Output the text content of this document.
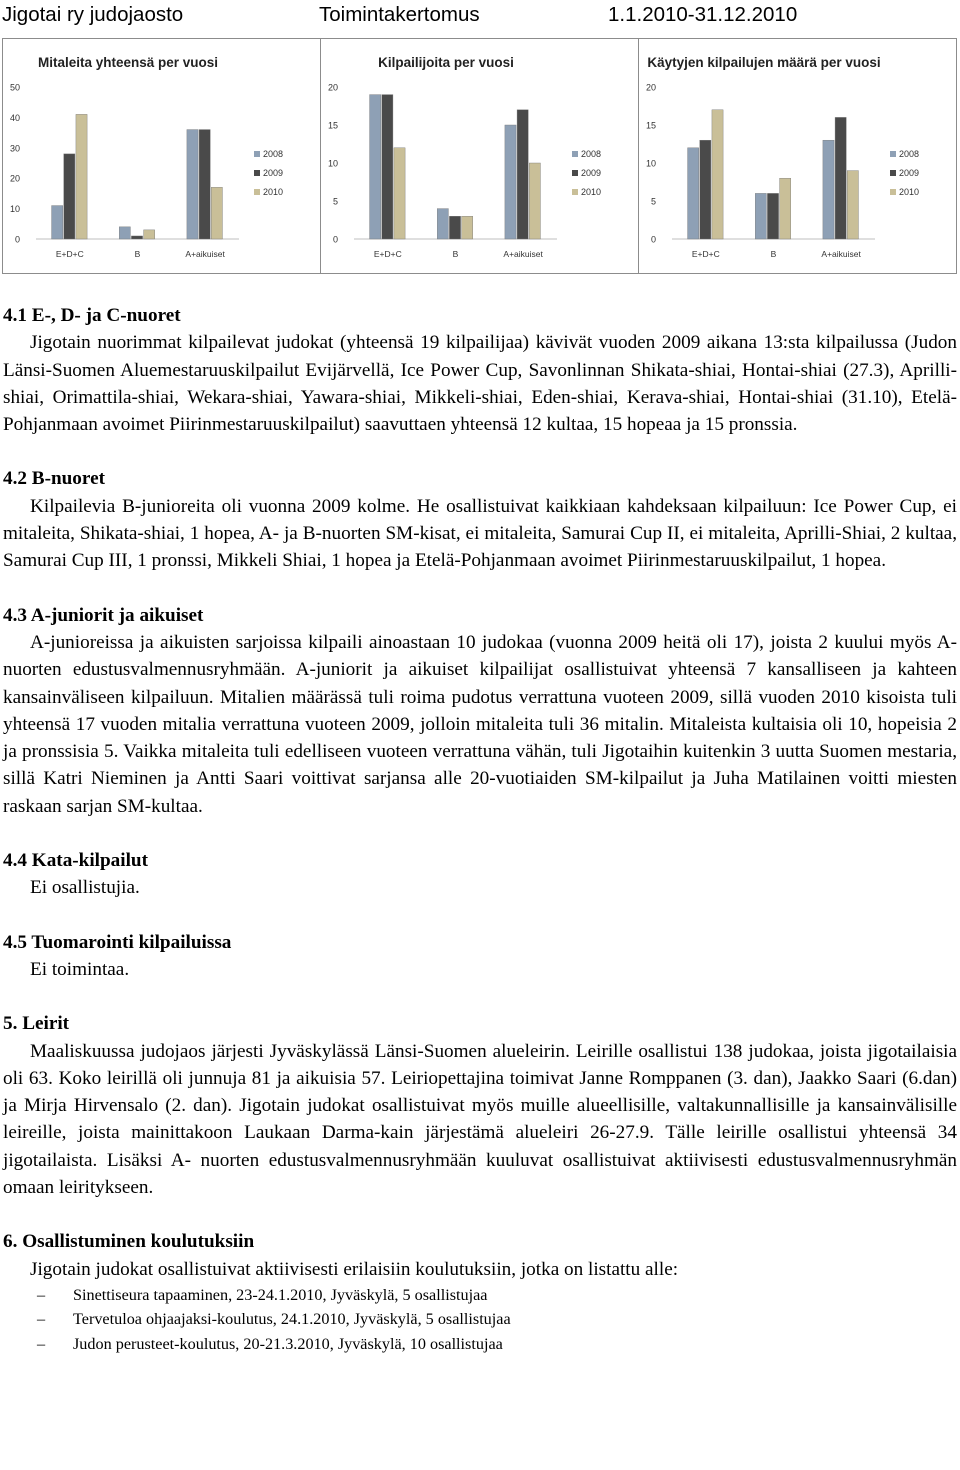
Jigotai ry judojaosto	Toimintakertomus	1.1.2010-31.12.2010
Mitaleita yhteensä per vuosi
0
10
20
30
40
50
E+D+C	B	A+aikuiset
2008
2009
2010
Kilpailijoita per vuosi
0
5
10
15
20
E+D+C	B	A+aikuiset
2008
2009
2010
Käytyjen kilpailujen määrä per vuosi
0
5
10
15
20
E+D+C	B	A+aikuiset
2008
2009
2010
4.1 E-, D- ja C-nuoret

Jigotain nuorimmat kilpailevat judokat (yhteensä 19 kilpailijaa) kävivät vuoden 2009 aikana 13:sta kilpailussa (Judon Länsi-Suomen Aluemestaruuskilpailut Evijärvellä, Ice Power Cup, Savonlinnan Shikata-shiai, Hontai-shiai (27.3), Aprilli-shiai, Orimattila-shiai, Wekara-shiai, Yawara-shiai, Mikkeli-shiai, Eden-shiai, Kerava-shiai, Hontai-shiai (31.10), Etelä-Pohjanmaan avoimet Piirinmestaruuskilpailut) saavuttaen yhteensä 12 kultaa, 15 hopeaa ja 15 pronssia.

4.2 B-nuoret

Kilpailevia B-junioreita oli vuonna 2009 kolme. He osallistuivat kaikkiaan kahdeksaan kilpailuun: Ice Power Cup, ei mitaleita, Shikata-shiai, 1 hopea, A- ja B-nuorten SM-kisat, ei mitaleita, Samurai Cup II, ei mitaleita, Aprilli-Shiai, 2 kultaa, Samurai Cup III, 1 pronssi, Mikkeli Shiai, 1 hopea ja Etelä-Pohjanmaan avoimet Piirinmestaruuskilpailut, 1 hopea.

4.3 A-juniorit ja aikuiset

A-junioreissa ja aikuisten sarjoissa kilpaili ainoastaan 10 judokaa (vuonna 2009 heitä oli 17), joista 2 kuului myös A-nuorten edustusvalmennusryhmään. A-juniorit ja aikuiset kilpailijat osallistuivat yhteensä 7 kansalliseen ja kahteen kansainväliseen kilpailuun. Mitalien määrässä tuli roima pudotus verrattuna vuoteen 2009, sillä vuoden 2010 kisoista tuli yhteensä 17 vuoden mitalia verrattuna vuoteen 2009, jolloin mitaleita tuli 36 mitalin. Mitaleista kultaisia oli 10, hopeisia 2 ja pronssisia 5. Vaikka mitaleita tuli edelliseen vuoteen verrattuna vähän, tuli Jigotaihin kuitenkin 3 uutta Suomen mestaria, sillä Katri Nieminen ja Antti Saari voittivat sarjansa alle 20-vuotiaiden SM-kilpailut ja Juha Matilainen voitti miesten raskaan sarjan SM-kultaa.

4.4 Kata-kilpailut

Ei osallistujia.

4.5 Tuomarointi kilpailuissa

Ei toimintaa.

5. Leirit

Maaliskuussa judojaos järjesti Jyväskylässä Länsi-Suomen alueleirin. Leirille osallistui 138 judokaa, joista jigotailaisia oli 63. Koko leirillä oli junnuja 81 ja aikuisia 57. Leiriopettajina toimivat Janne Romppanen (3. dan), Jaakko Saari (6.dan) ja Mirja Hirvensalo (2. dan). Jigotain judokat osallistuivat myös muille alueellisille, valtakunnallisille ja kansainvälisille leireille, joista mainittakoon Laukaan Darma-kain järjestämä alueleiri 26-27.9. Tälle leirille osallistui yhteensä 34 jigotailaista. Lisäksi A- nuorten edustusvalmennusryhmään kuuluvat osallistuivat aktiivisesti edustusvalmennusryhmän omaan leiritykseen.

6. Osallistuminen koulutuksiin

Jigotain judokat osallistuivat aktiivisesti erilaisiin koulutuksiin, jotka on listattu alle:

– Sinettiseura tapaaminen, 23-24.1.2010, Jyväskylä, 5 osallistujaa
– Tervetuloa ohjaajaksi-koulutus, 24.1.2010, Jyväskylä, 5 osallistujaa
– Judon perusteet-koulutus, 20-21.3.2010, Jyväskylä, 10 osallistujaa
